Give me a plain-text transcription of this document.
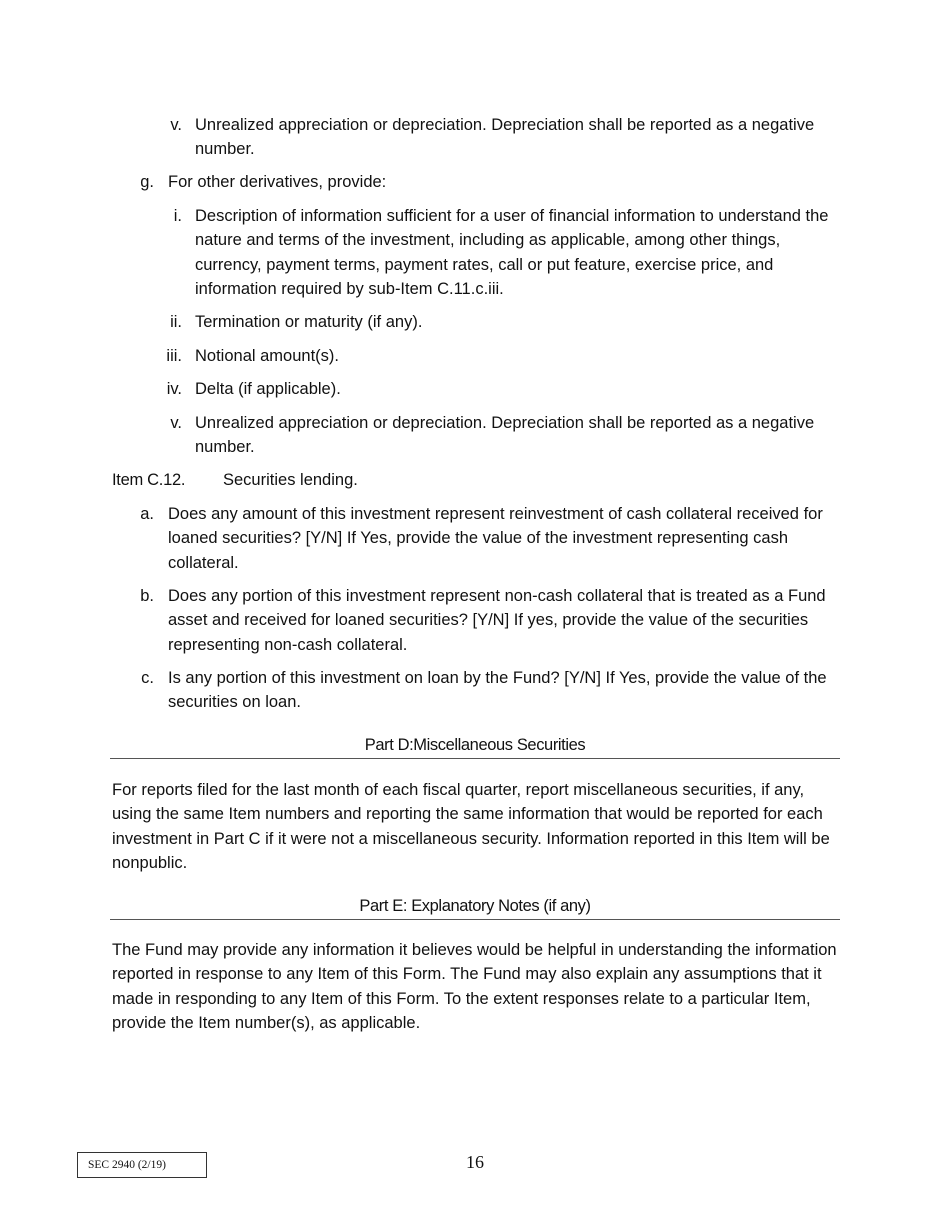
v. Unrealized appreciation or depreciation. Depreciation shall be reported as a negative number.
g. For other derivatives, provide:
i. Description of information sufficient for a user of financial information to understand the nature and terms of the investment, including as applicable, among other things, currency, payment terms, payment rates, call or put feature, exercise price, and information required by sub-Item C.11.c.iii.
ii. Termination or maturity (if any).
iii. Notional amount(s).
iv. Delta (if applicable).
v. Unrealized appreciation or depreciation. Depreciation shall be reported as a negative number.
Item C.12. Securities lending.
a. Does any amount of this investment represent reinvestment of cash collateral received for loaned securities? [Y/N] If Yes, provide the value of the investment representing cash collateral.
b. Does any portion of this investment represent non-cash collateral that is treated as a Fund asset and received for loaned securities? [Y/N] If yes, provide the value of the securities representing non-cash collateral.
c. Is any portion of this investment on loan by the Fund? [Y/N] If Yes, provide the value of the securities on loan.
Part D:Miscellaneous Securities
For reports filed for the last month of each fiscal quarter, report miscellaneous securities, if any, using the same Item numbers and reporting the same information that would be reported for each investment in Part C if it were not a miscellaneous security. Information reported in this Item will be nonpublic.
Part E: Explanatory Notes (if any)
The Fund may provide any information it believes would be helpful in understanding the information reported in response to any Item of this Form. The Fund may also explain any assumptions that it made in responding to any Item of this Form. To the extent responses relate to a particular Item, provide the Item number(s), as applicable.
SEC 2940 (2/19)	16
